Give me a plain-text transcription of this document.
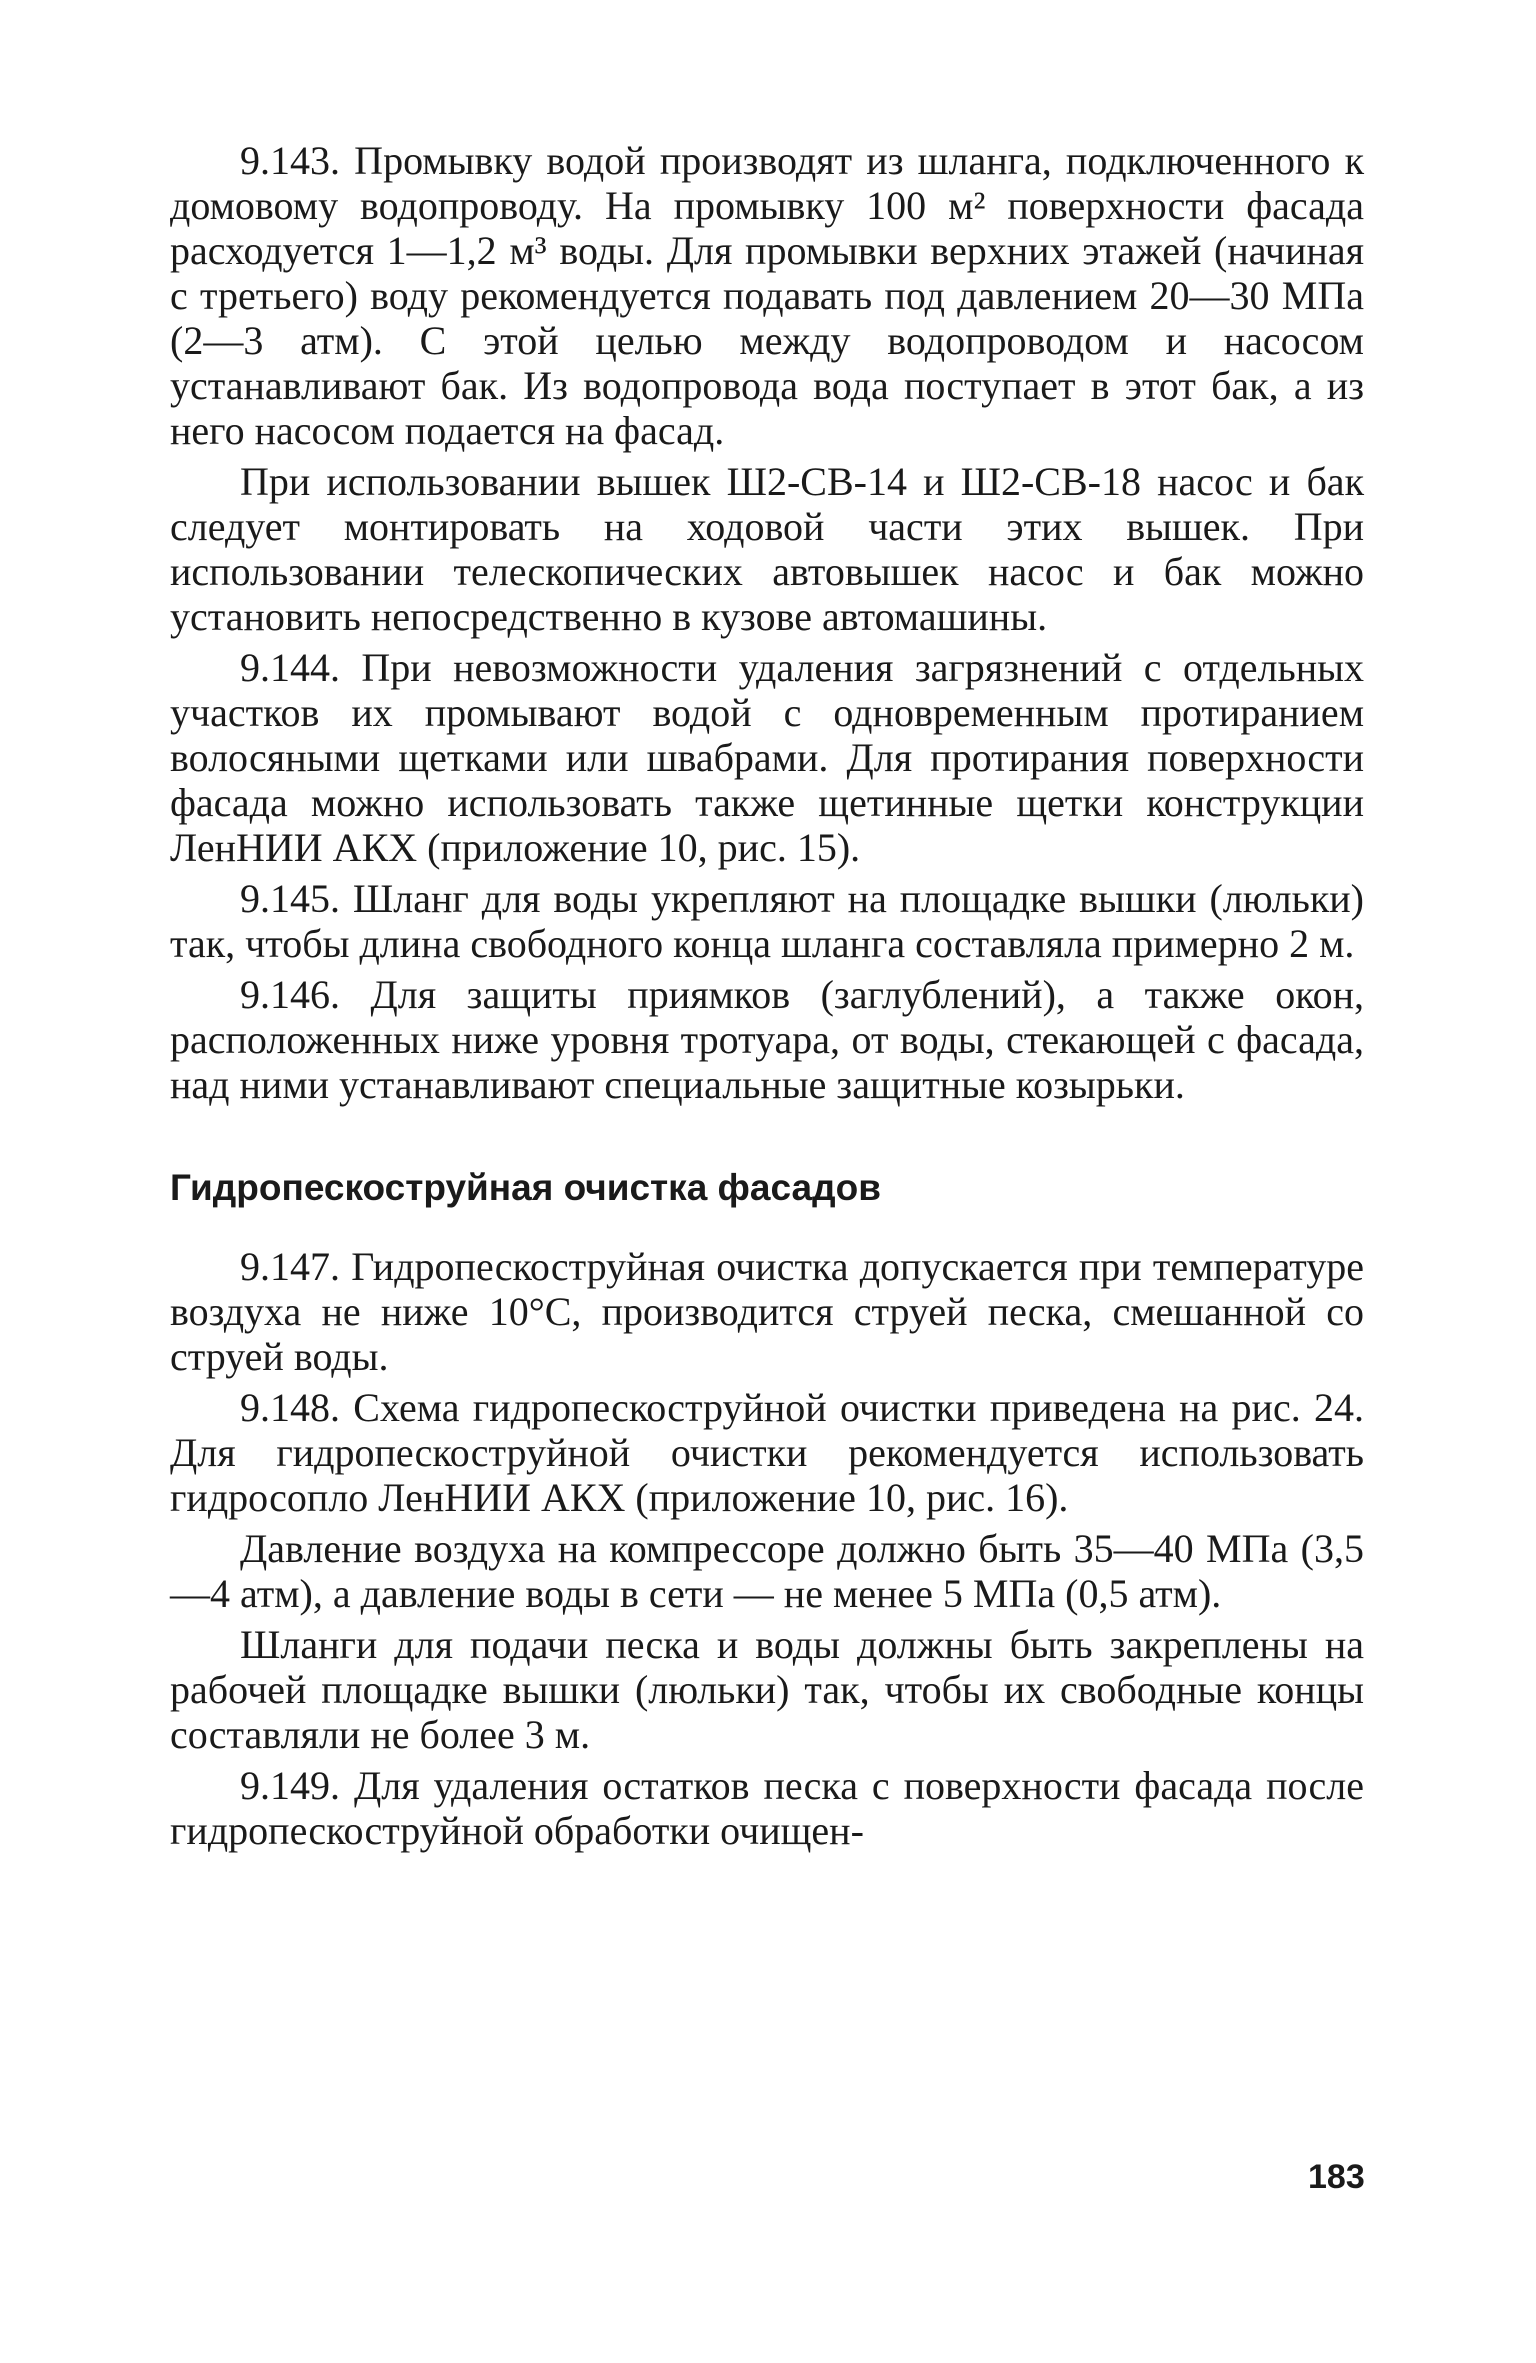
9.143. Промывку водой производят из шланга, подключенного к домовому водопроводу. На промывку 100 м² поверхности фасада расходуется 1—1,2 м³ воды. Для промывки верхних этажей (начиная с третьего) воду рекомендуется подавать под давлением 20—30 МПа (2—3 атм). С этой целью между водопроводом и насосом устанавливают бак. Из водопровода вода поступает в этот бак, а из него насосом подается на фасад.

При использовании вышек Ш2-СВ-14 и Ш2-СВ-18 насос и бак следует монтировать на ходовой части этих вышек. При использовании телескопических автовышек насос и бак можно установить непосредственно в кузове автомашины.

9.144. При невозможности удаления загрязнений с отдельных участков их промывают водой с одновременным протиранием волосяными щетками или швабрами. Для протирания поверхности фасада можно использовать также щетинные щетки конструкции ЛенНИИ АКХ (приложение 10, рис. 15).

9.145. Шланг для воды укрепляют на площадке вышки (люльки) так, чтобы длина свободного конца шланга составляла примерно 2 м.

9.146. Для защиты приямков (заглублений), а также окон, расположенных ниже уровня тротуара, от воды, стекающей с фасада, над ними устанавливают специальные защитные козырьки.

Гидропескоструйная очистка фасадов

9.147. Гидропескоструйная очистка допускается при температуре воздуха не ниже 10°С, производится струей песка, смешанной со струей воды.

9.148. Схема гидропескоструйной очистки приведена на рис. 24. Для гидропескоструйной очистки рекомендуется использовать гидросопло ЛенНИИ АКХ (приложение 10, рис. 16).

Давление воздуха на компрессоре должно быть 35—40 МПа (3,5—4 атм), а давление воды в сети — не менее 5 МПа (0,5 атм).

Шланги для подачи песка и воды должны быть закреплены на рабочей площадке вышки (люльки) так, чтобы их свободные концы составляли не более 3 м.

9.149. Для удаления остатков песка с поверхности фасада после гидропескоструйной обработки очищен-

183
